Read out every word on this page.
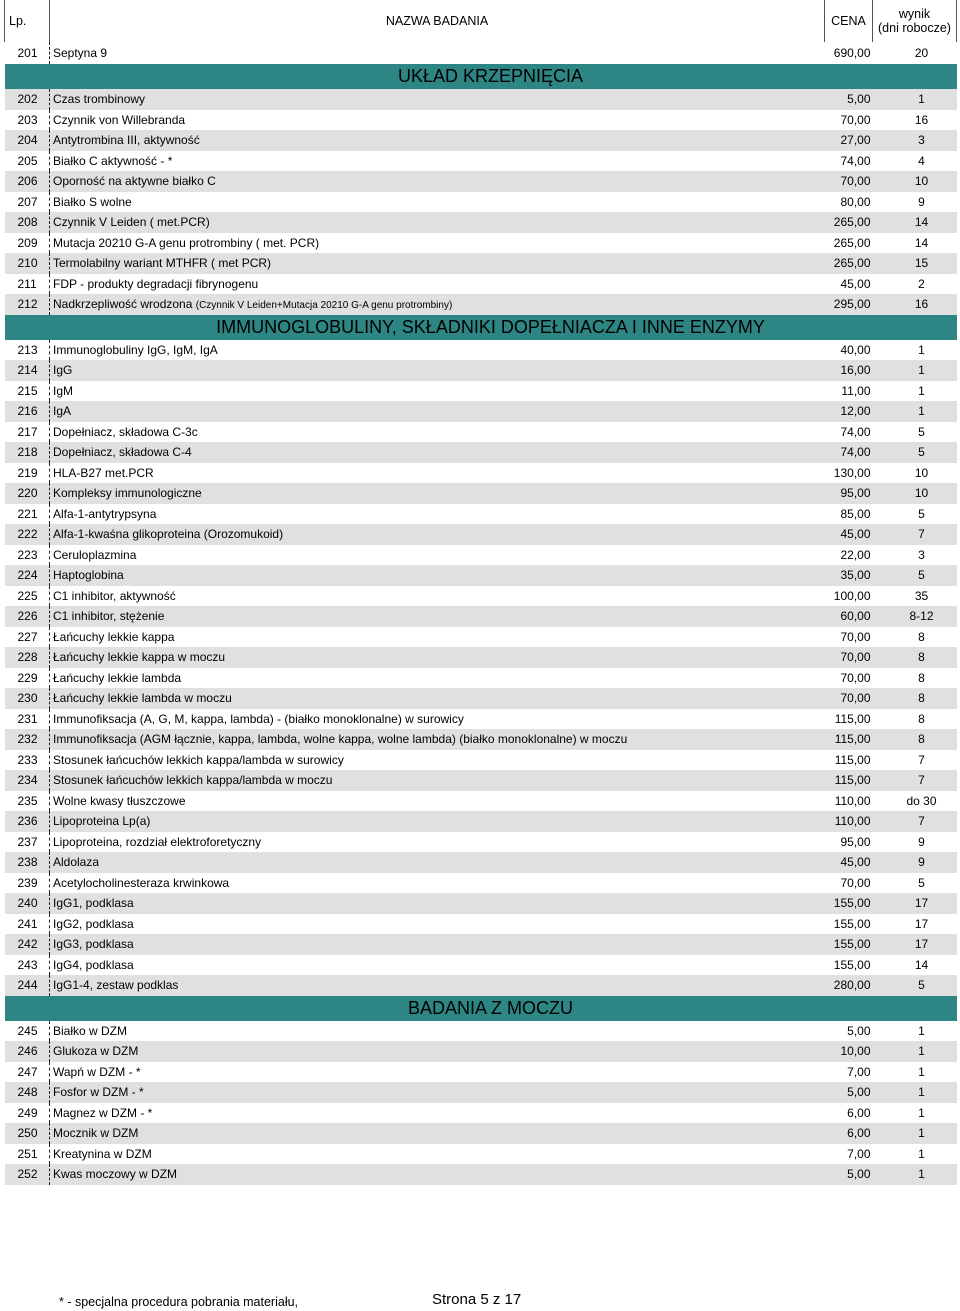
Lp.	NAZWA BADANIA	CENA	wynik
(dni robocze)

201	Septyna 9	690,00	20
UKŁAD KRZEPNIĘCIA			
202	Czas trombinowy	5,00	1
203	Czynnik von Willebranda	70,00	16
204	Antytrombina III, aktywność	27,00	3
205	Białko C aktywność - *	74,00	4
206	Oporność na aktywne białko C	70,00	10
207	Białko S wolne	80,00	9
208	Czynnik V Leiden ( met.PCR)	265,00	14
209	Mutacja 20210 G-A genu protrombiny ( met. PCR)	265,00	14
210	Termolabilny wariant MTHFR ( met PCR)	265,00	15
211	FDP - produkty degradacji fibrynogenu	45,00	2
212	Nadkrzepliwość wrodzona (Czynnik V Leiden+Mutacja 20210 G-A genu protrombiny)	295,00	16
IMMUNOGLOBULINY, SKŁADNIKI DOPEŁNIACZA I INNE ENZYMY			
213	Immunoglobuliny IgG, IgM, IgA	40,00	1
214	IgG	16,00	1
215	IgM	11,00	1
216	IgA	12,00	1
217	Dopełniacz, składowa C-3c	74,00	5
218	Dopełniacz, składowa C-4	74,00	5
219	HLA-B27 met.PCR	130,00	10
220	Kompleksy immunologiczne	95,00	10
221	Alfa-1-antytrypsyna	85,00	5
222	Alfa-1-kwaśna glikoproteina (Orozomukoid)	45,00	7
223	Ceruloplazmina	22,00	3
224	Haptoglobina	35,00	5
225	C1 inhibitor, aktywność	100,00	35
226	C1 inhibitor, stężenie	60,00	8-12
227	Łańcuchy lekkie kappa	70,00	8
228	Łańcuchy lekkie kappa w moczu	70,00	8
229	Łańcuchy lekkie lambda	70,00	8
230	Łańcuchy lekkie lambda w moczu	70,00	8
231	Immunofiksacja (A, G, M, kappa, lambda) - (białko monoklonalne) w surowicy	115,00	8
232	Immunofiksacja (AGM łącznie, kappa, lambda, wolne kappa, wolne lambda) (białko monoklonalne) w moczu	115,00	8
233	Stosunek łańcuchów lekkich kappa/lambda w surowicy	115,00	7
234	Stosunek łańcuchów lekkich kappa/lambda w moczu	115,00	7
235	Wolne kwasy tłuszczowe	110,00	do 30
236	Lipoproteina Lp(a)	110,00	7
237	Lipoproteina, rozdział elektroforetyczny	95,00	9
238	Aldolaza	45,00	9
239	Acetylocholinesteraza krwinkowa	70,00	5
240	IgG1, podklasa	155,00	17
241	IgG2, podklasa	155,00	17
242	IgG3, podklasa	155,00	17
243	IgG4, podklasa	155,00	14
244	IgG1-4, zestaw podklas	280,00	5
BADANIA Z MOCZU			
245	Białko w DZM	5,00	1
246	Glukoza w DZM	10,00	1
247	Wapń w DZM - *	7,00	1
248	Fosfor w DZM - *	5,00	1
249	Magnez w DZM - *	6,00	1
250	Mocznik w DZM	6,00	1
251	Kreatynina w DZM	7,00	1
252	Kwas moczowy w DZM	5,00	1
* - specjalna procedura pobrania materiału,	Strona 5 z 17
